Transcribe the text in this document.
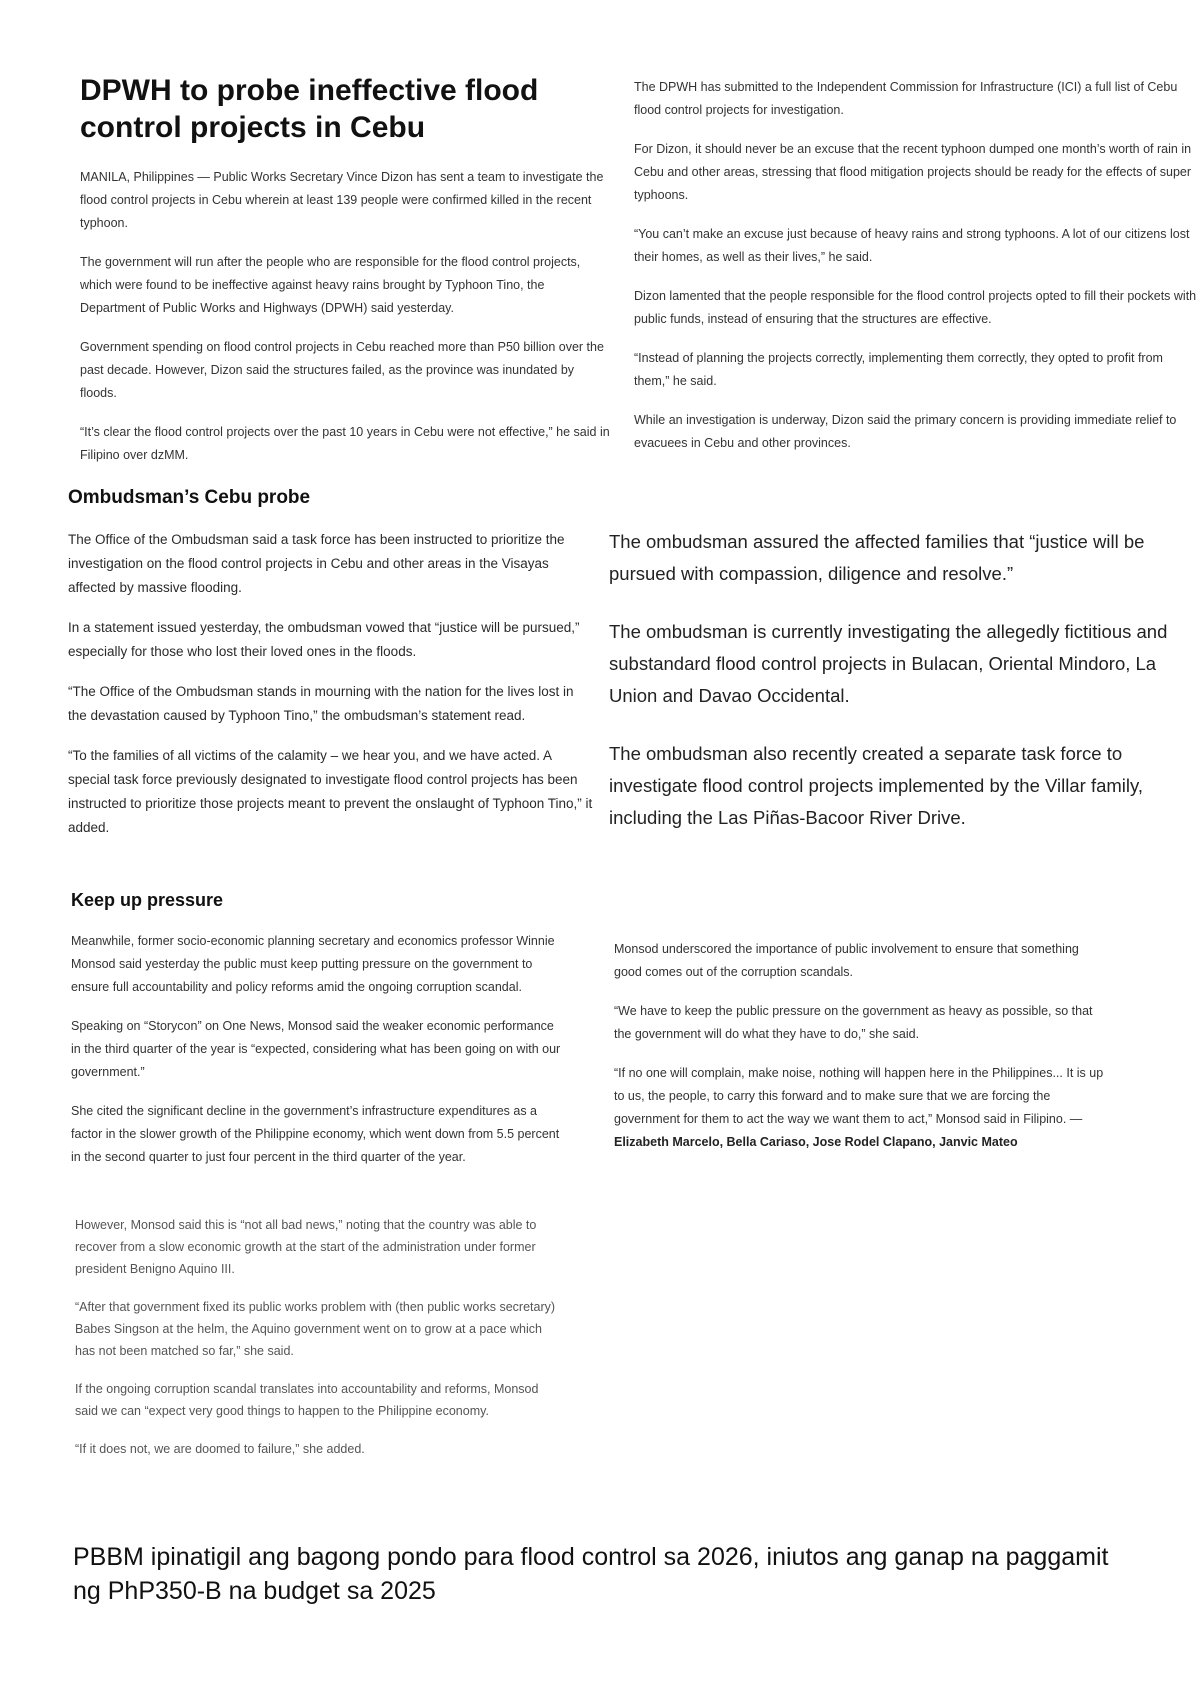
DPWH to probe ineffective flood control projects in Cebu

MANILA, Philippines — Public Works Secretary Vince Dizon has sent a team to investigate the flood control projects in Cebu wherein at least 139 people were confirmed killed in the recent typhoon.

The government will run after the people who are responsible for the flood control projects, which were found to be ineffective against heavy rains brought by Typhoon Tino, the Department of Public Works and Highways (DPWH) said yesterday.

Government spending on flood control projects in Cebu reached more than P50 billion over the past decade. However, Dizon said the structures failed, as the province was inundated by floods.

“It’s clear the flood control projects over the past 10 years in Cebu were not effective,” he said in Filipino over dzMM.

The DPWH has submitted to the Independent Commission for Infrastructure (ICI) a full list of Cebu flood control projects for investigation.

For Dizon, it should never be an excuse that the recent typhoon dumped one month’s worth of rain in Cebu and other areas, stressing that flood mitigation projects should be ready for the effects of super typhoons.

“You can’t make an excuse just because of heavy rains and strong typhoons. A lot of our citizens lost their homes, as well as their lives,” he said.

Dizon lamented that the people responsible for the flood control projects opted to fill their pockets with public funds, instead of ensuring that the structures are effective.

“Instead of planning the projects correctly, implementing them correctly, they opted to profit from them,” he said.

While an investigation is underway, Dizon said the primary concern is providing immediate relief to evacuees in Cebu and other provinces.

Ombudsman’s Cebu probe

The Office of the Ombudsman said a task force has been instructed to prioritize the investigation on the flood control projects in Cebu and other areas in the Visayas affected by massive flooding.

In a statement issued yesterday, the ombudsman vowed that “justice will be pursued,” especially for those who lost their loved ones in the floods.

“The Office of the Ombudsman stands in mourning with the nation for the lives lost in the devastation caused by Typhoon Tino,” the ombudsman’s statement read.

“To the families of all victims of the calamity – we hear you, and we have acted. A special task force previously designated to investigate flood control projects has been instructed to prioritize those projects meant to prevent the onslaught of Typhoon Tino,” it added.

The ombudsman assured the affected families that “justice will be pursued with compassion, diligence and resolve.”

The ombudsman is currently investigating the allegedly fictitious and substandard flood control projects in Bulacan, Oriental Mindoro, La Union and Davao Occidental.

The ombudsman also recently created a separate task force to investigate flood control projects implemented by the Villar family, including the Las Piñas-Bacoor River Drive.

Keep up pressure

Meanwhile, former socio-economic planning secretary and economics professor Winnie Monsod said yesterday the public must keep putting pressure on the government to ensure full accountability and policy reforms amid the ongoing corruption scandal.

Speaking on “Storycon” on One News, Monsod said the weaker economic performance in the third quarter of the year is “expected, considering what has been going on with our government.”

She cited the significant decline in the government’s infrastructure expenditures as a factor in the slower growth of the Philippine economy, which went down from 5.5 percent in the second quarter to just four percent in the third quarter of the year.

However, Monsod said this is “not all bad news,” noting that the country was able to recover from a slow economic growth at the start of the administration under former president Benigno Aquino III.

“After that government fixed its public works problem with (then public works secretary) Babes Singson at the helm, the Aquino government went on to grow at a pace which has not been matched so far,” she said.

If the ongoing corruption scandal translates into accountability and reforms, Monsod said we can “expect very good things to happen to the Philippine economy.

“If it does not, we are doomed to failure,” she added.

Monsod underscored the importance of public involvement to ensure that something good comes out of the corruption scandals.

“We have to keep the public pressure on the government as heavy as possible, so that the government will do what they have to do,” she said.

“If no one will complain, make noise, nothing will happen here in the Philippines... It is up to us, the people, to carry this forward and to make sure that we are forcing the government for them to act the way we want them to act,” Monsod said in Filipino. — Elizabeth Marcelo, Bella Cariaso, Jose Rodel Clapano, Janvic Mateo

PBBM ipinatigil ang bagong pondo para flood control sa 2026, iniutos ang ganap na paggamit ng PhP350-B na budget sa 2025
